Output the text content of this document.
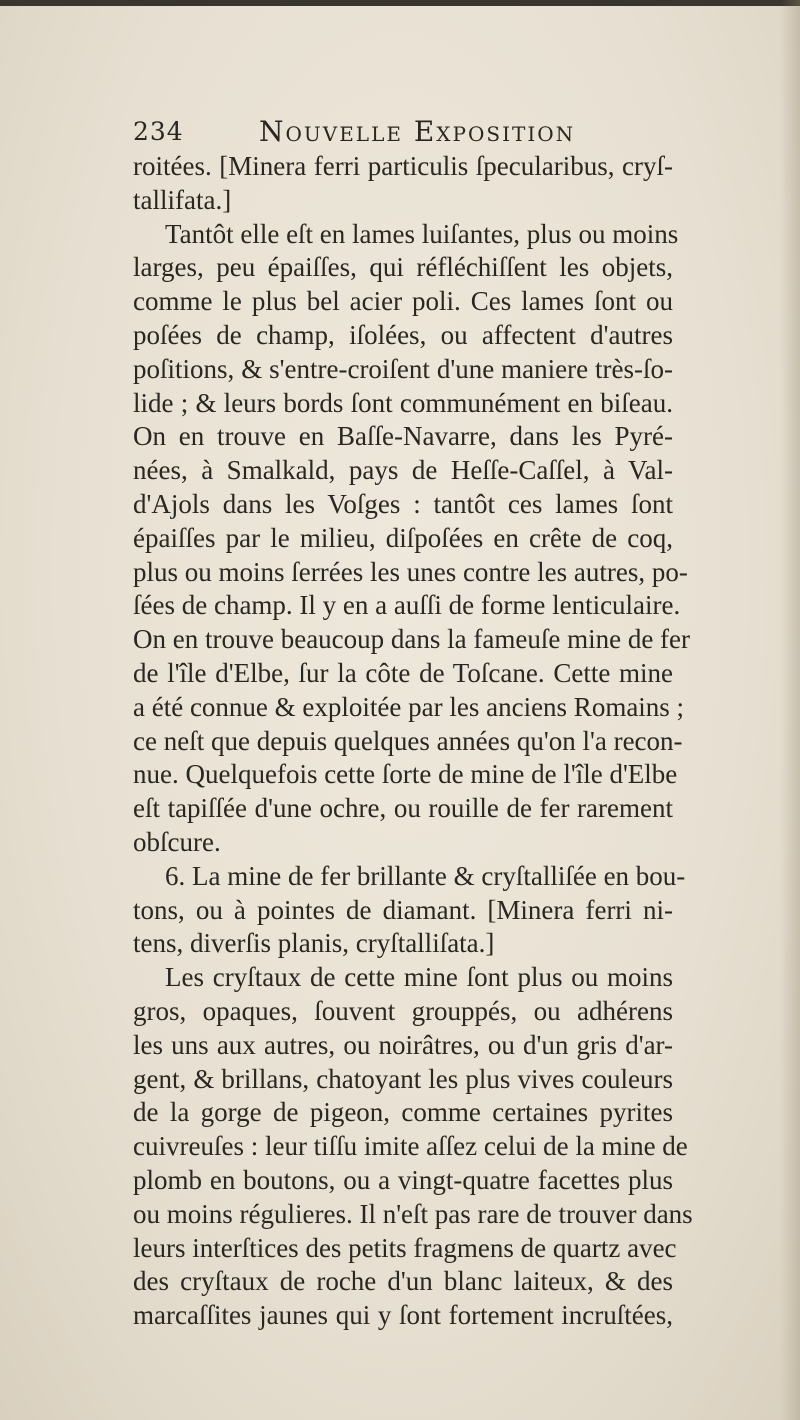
234	Nouvelle Exposition
roitées. [Minera ferri particulis ſpecularibus, cryſ-
tallifata.]
Tantôt elle eſt en lames luiſantes, plus ou moins
larges, peu épaiſſes, qui réfléchiſſent les objets,
comme le plus bel acier poli. Ces lames ſont ou
poſées de champ, iſolées, ou affectent d'autres
poſitions, & s'entre-croiſent d'une maniere très-ſo-
lide ; & leurs bords ſont communément en biſeau.
On en trouve en Baſſe-Navarre, dans les Pyré-
nées, à Smalkald, pays de Heſſe-Caſſel, à Val-
d'Ajols dans les Voſges : tantôt ces lames ſont
épaiſſes par le milieu, diſpoſées en crête de coq,
plus ou moins ſerrées les unes contre les autres, po-
ſées de champ. Il y en a auſſi de forme lenticulaire.
On en trouve beaucoup dans la fameuſe mine de fer
de l'île d'Elbe, ſur la côte de Toſcane. Cette mine
a été connue & exploitée par les anciens Romains ;
ce neſt que depuis quelques années qu'on l'a recon-
nue. Quelquefois cette ſorte de mine de l'île d'Elbe
eſt tapiſſée d'une ochre, ou rouille de fer rarement
obſcure.
6. La mine de fer brillante & cryſtalliſée en bou-
tons, ou à pointes de diamant. [Minera ferri ni-
tens, diverſis planis, cryſtalliſata.]
Les cryſtaux de cette mine ſont plus ou moins
gros, opaques, ſouvent grouppés, ou adhérens
les uns aux autres, ou noirâtres, ou d'un gris d'ar-
gent, & brillans, chatoyant les plus vives couleurs
de la gorge de pigeon, comme certaines pyrites
cuivreuſes : leur tiſſu imite aſſez celui de la mine de
plomb en boutons, ou a vingt-quatre facettes plus
ou moins régulieres. Il n'eſt pas rare de trouver dans
leurs interſtices des petits fragmens de quartz avec
des cryſtaux de roche d'un blanc laiteux, & des
marcaſſites jaunes qui y ſont fortement incruſtées,
